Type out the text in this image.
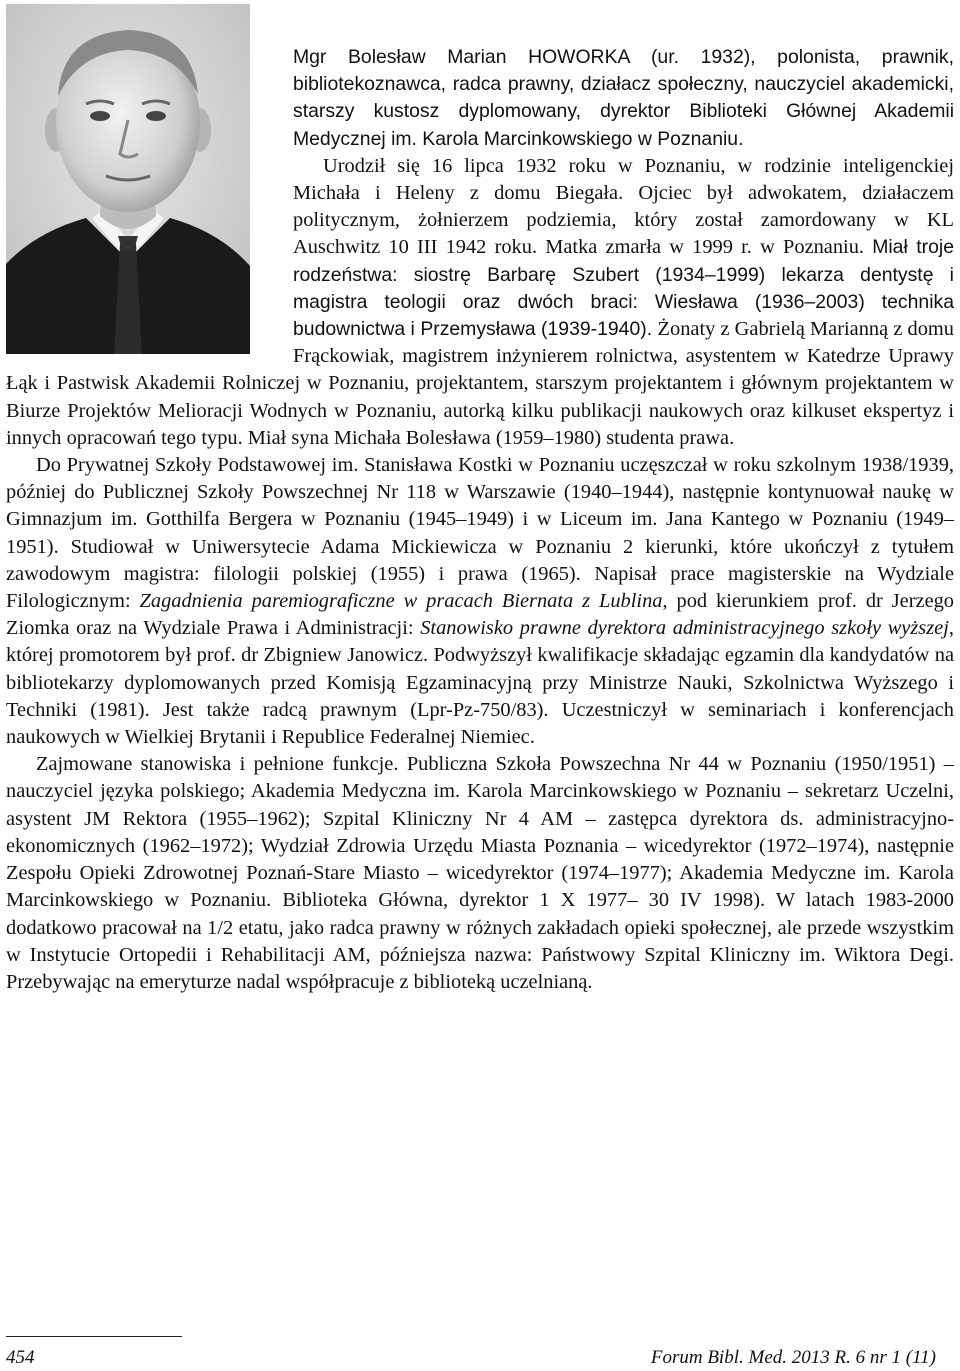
Mgr Bolesław Marian HOWORKA (ur. 1932), polonista, prawnik, bibliotekoznawca, radca prawny, działacz społeczny, nauczyciel akademicki, starszy kustosz dyplomowany, dyrektor Biblioteki Głównej Akademii Medycznej im. Karola Marcinkowskiego w Poznaniu.

Urodził się 16 lipca 1932 roku w Poznaniu, w rodzinie inteligenckiej Michała i Heleny z domu Biegała. Ojciec był adwokatem, działaczem politycznym, żołnierzem podziemia, który został zamordowany w KL Auschwitz 10 III 1942 roku. Matka zmarła w 1999 r. w Poznaniu. Miał troje rodzeństwa: siostrę Barbarę Szubert (1934–1999) lekarza dentystę i magistra teologii oraz dwóch braci: Wiesława (1936–2003) technika budownictwa i Przemysława (1939-1940). Żonaty z Gabrielą Marianną z domu Frąckowiak, magistrem inżynierem rolnictwa, asystentem w Katedrze Uprawy Łąk i Pastwisk Akademii Rolniczej w Poznaniu, projektantem, starszym projektantem i głównym projektantem w Biurze Projektów Melioracji Wodnych w Poznaniu, autorką kilku publikacji naukowych oraz kilkuset ekspertyz i innych opracowań tego typu. Miał syna Michała Bolesława (1959–1980) studenta prawa.

Do Prywatnej Szkoły Podstawowej im. Stanisława Kostki w Poznaniu uczęszczał w roku szkolnym 1938/1939, później do Publicznej Szkoły Powszechnej Nr 118 w Warszawie (1940–1944), następnie kontynuował naukę w Gimnazjum im. Gotthilfa Bergera w Poznaniu (1945–1949) i w Liceum im. Jana Kantego w Poznaniu (1949–1951). Studiował w Uniwersytecie Adama Mickiewicza w Poznaniu 2 kierunki, które ukończył z tytułem zawodowym magistra: filologii polskiej (1955) i prawa (1965). Napisał prace magisterskie na Wydziale Filologicznym: Zagadnienia paremiograficzne w pracach Biernata z Lublina, pod kierunkiem prof. dr Jerzego Ziomka oraz na Wydziale Prawa i Administracji: Stanowisko prawne dyrektora administracyjnego szkoły wyższej, której promotorem był prof. dr Zbigniew Janowicz. Podwyższył kwalifikacje składając egzamin dla kandydatów na bibliotekarzy dyplomowanych przed Komisją Egzaminacyjną przy Ministrze Nauki, Szkolnictwa Wyższego i Techniki (1981). Jest także radcą prawnym (Lpr-Pz-750/83). Uczestniczył w seminariach i konferencjach naukowych w Wielkiej Brytanii i Republice Federalnej Niemiec.

Zajmowane stanowiska i pełnione funkcje. Publiczna Szkoła Powszechna Nr 44 w Poznaniu (1950/1951) – nauczyciel języka polskiego; Akademia Medyczna im. Karola Marcinkowskiego w Poznaniu – sekretarz Uczelni, asystent JM Rektora (1955–1962); Szpital Kliniczny Nr 4 AM – zastępca dyrektora ds. administracyjno-ekonomicznych (1962–1972); Wydział Zdrowia Urzędu Miasta Poznania – wicedyrektor (1972–1974), następnie Zespołu Opieki Zdrowotnej Poznań-Stare Miasto – wicedyrektor (1974–1977); Akademia Medyczne im. Karola Marcinkowskiego w Poznaniu. Biblioteka Główna, dyrektor 1 X 1977– 30 IV 1998). W latach 1983-2000 dodatkowo pracował na 1/2 etatu, jako radca prawny w różnych zakładach opieki społecznej, ale przede wszystkim w Instytucie Ortopedii i Rehabilitacji AM, późniejsza nazwa: Państwowy Szpital Kliniczny im. Wiktora Degi. Przebywając na emeryturze nadal współpracuje z biblioteką uczelnianą.

454	Forum Bibl. Med. 2013 R. 6 nr 1 (11)
